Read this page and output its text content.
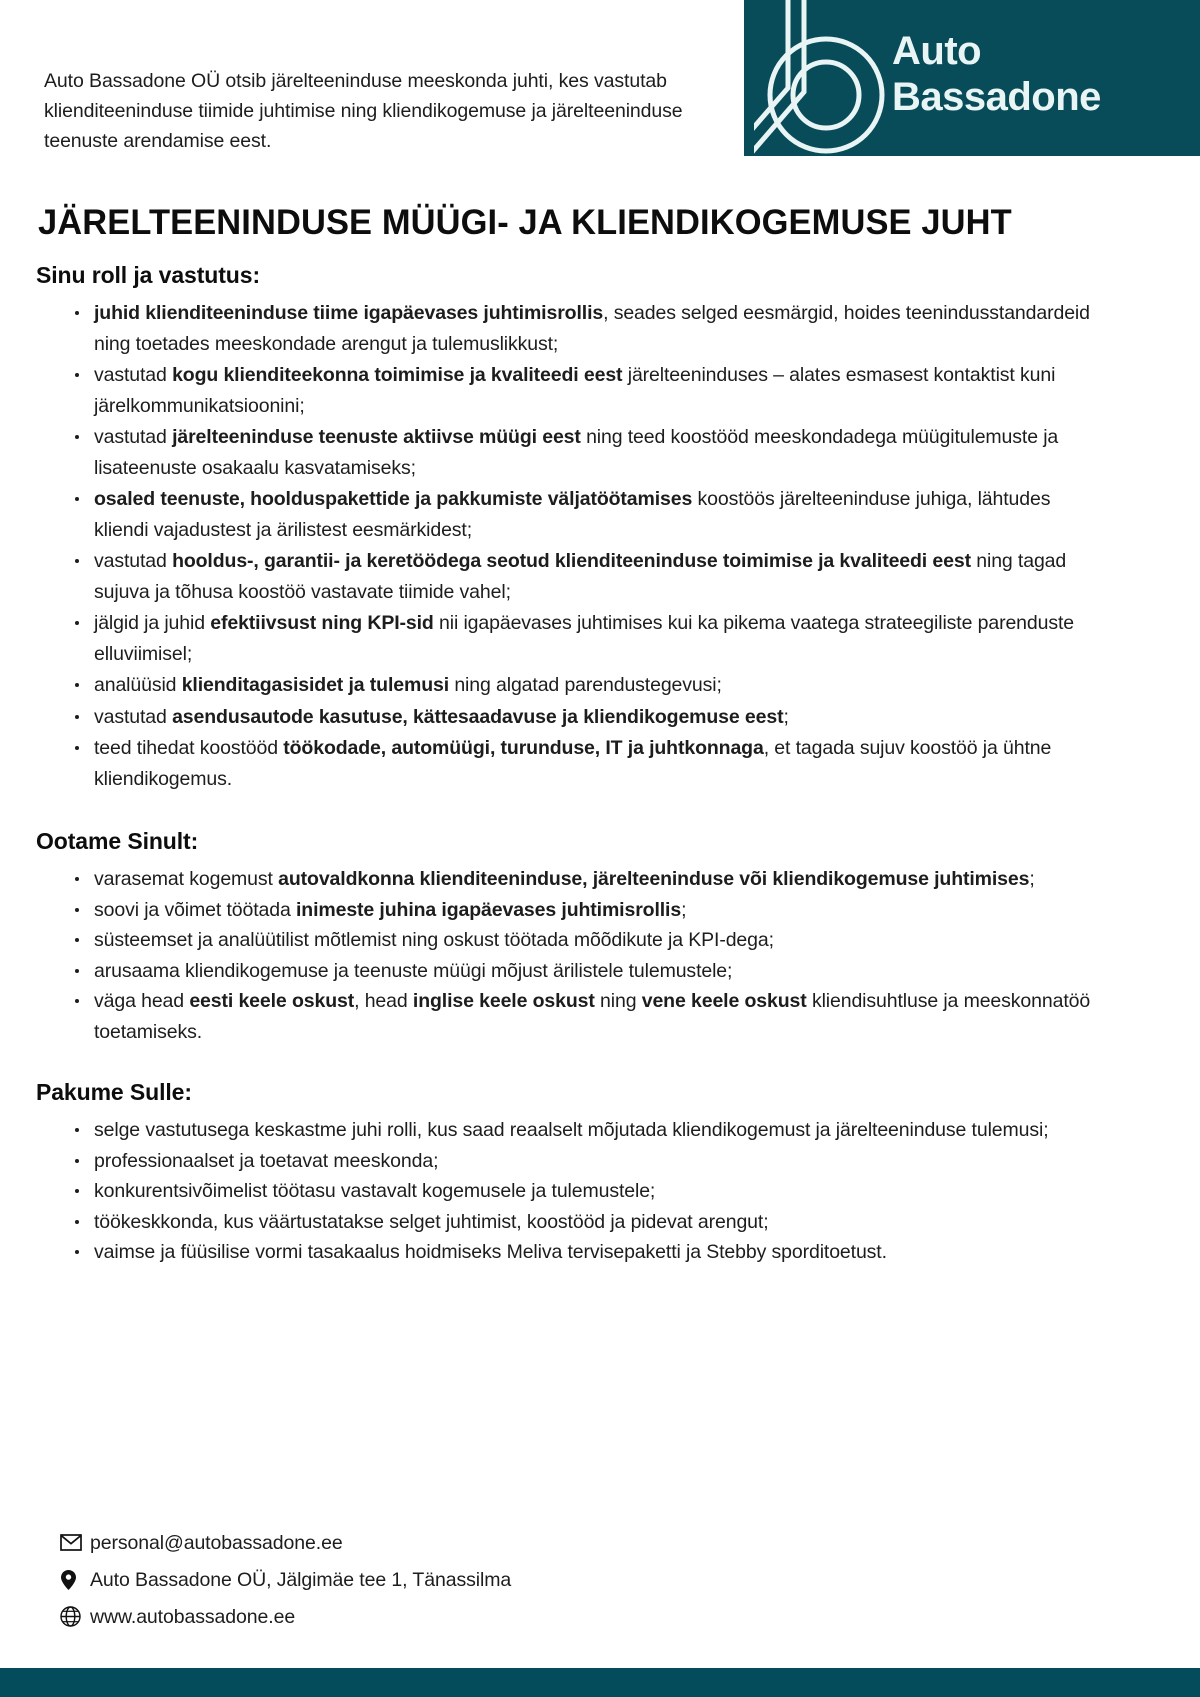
Auto
Bassadone

Auto Bassadone OÜ otsib järelteeninduse meeskonda juhti, kes vastutab klienditeeninduse tiimide juhtimise ning kliendikogemuse ja järelteeninduse teenuste arendamise eest.

JÄRELTEENINDUSE MÜÜGI- JA KLIENDIKOGEMUSE JUHT
Sinu roll ja vastutus:
juhid klienditeeninduse tiime igapäevases juhtimisrollis, seades selged eesmärgid, hoides teenindusstandardeid ning toetades meeskondade arengut ja tulemuslikkust;
vastutad kogu klienditeekonna toimimise ja kvaliteedi eest järelteeninduses – alates esmasest kontaktist kuni järelkommunikatsioonini;
vastutad järelteeninduse teenuste aktiivse müügi eest ning teed koostööd meeskondadega müügitulemuste ja lisateenuste osakaalu kasvatamiseks;
osaled teenuste, hoolduspakettide ja pakkumiste väljatöötamises koostöös järelteeninduse juhiga, lähtudes kliendi vajadustest ja ärilistest eesmärkidest;
vastutad hooldus-, garantii- ja keretöödega seotud klienditeeninduse toimimise ja kvaliteedi eest ning tagad sujuva ja tõhusa koostöö vastavate tiimide vahel;
jälgid ja juhid efektiivsust ning KPI-sid nii igapäevases juhtimises kui ka pikema vaatega strateegiliste parenduste elluviimisel;
analüüsid klienditagasisidet ja tulemusi ning algatad parendustegevusi;
vastutad asendusautode kasutuse, kättesaadavuse ja kliendikogemuse eest;
teed tihedat koostööd töökodade, automüügi, turunduse, IT ja juhtkonnaga, et tagada sujuv koostöö ja ühtne kliendikogemus.
Ootame Sinult:
varasemat kogemust autovaldkonna klienditeeninduse, järelteeninduse või kliendikogemuse juhtimises;
soovi ja võimet töötada inimeste juhina igapäevases juhtimisrollis;
süsteemset ja analüütilist mõtlemist ning oskust töötada mõõdikute ja KPI-dega;
arusaama kliendikogemuse ja teenuste müügi mõjust ärilistele tulemustele;
väga head eesti keele oskust, head inglise keele oskust ning vene keele oskust kliendisuhtluse ja meeskonnatöö toetamiseks.
Pakume Sulle:
selge vastutusega keskastme juhi rolli, kus saad reaalselt mõjutada kliendikogemust ja järelteeninduse tulemusi;
professionaalset ja toetavat meeskonda;
konkurentsivõimelist töötasu vastavalt kogemusele ja tulemustele;
töökeskkonda, kus väärtustatakse selget juhtimist, koostööd ja pidevat arengut;
vaimse ja füüsilise vormi tasakaalus hoidmiseks Meliva tervisepaketti ja Stebby sporditoetust.
personal@autobassadone.ee
Auto Bassadone OÜ, Jälgimäe tee 1, Tänassilma
www.autobassadone.ee
